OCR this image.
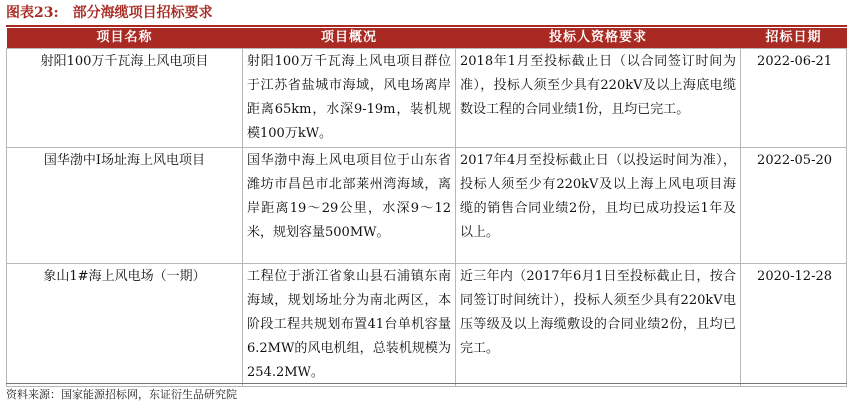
图表23: 部分海缆项目招标要求
项目名称	项目概况	投标人资格要求	招标日期
射阳100万千瓦海上风电项目	射阳100万千瓦海上风电项目群位于江苏省盐城市海域，风电场离岸距离65km，水深9-19m，装机规模100万kW。	2018年1月至投标截止日（以合同签订时间为准），投标人须至少具有220kV及以上海底电缆数设工程的合同业绩1份，且均已完工。	2022-06-21
国华渤中I场址海上风电项目	国华渤中海上风电项目位于山东省潍坊市昌邑市北部莱州湾海域，离岸距离19～29公里，水深9～12米，规划容量500MW。	2017年4月至投标截止日（以投运时间为准），投标人须至少有220kV及以上海上风电项目海缆的销售合同业绩2份，且均已成功投运1年及以上。	2022-05-20
象山1#海上风电场（一期）	工程位于浙江省象山县石浦镇东南海域，规划场址分为南北两区，本阶段工程共规划布置41台单机容量6.2MW的风电机组，总装机规模为254.2MW。	近三年内（2017年6月1日至投标截止日，按合同签订时间统计），投标人须至少具有220kV电压等级及以上海缆敷设的合同业绩2份，且均已完工。	2020-12-28
资料来源：国家能源招标网，东证衍生品研究院
